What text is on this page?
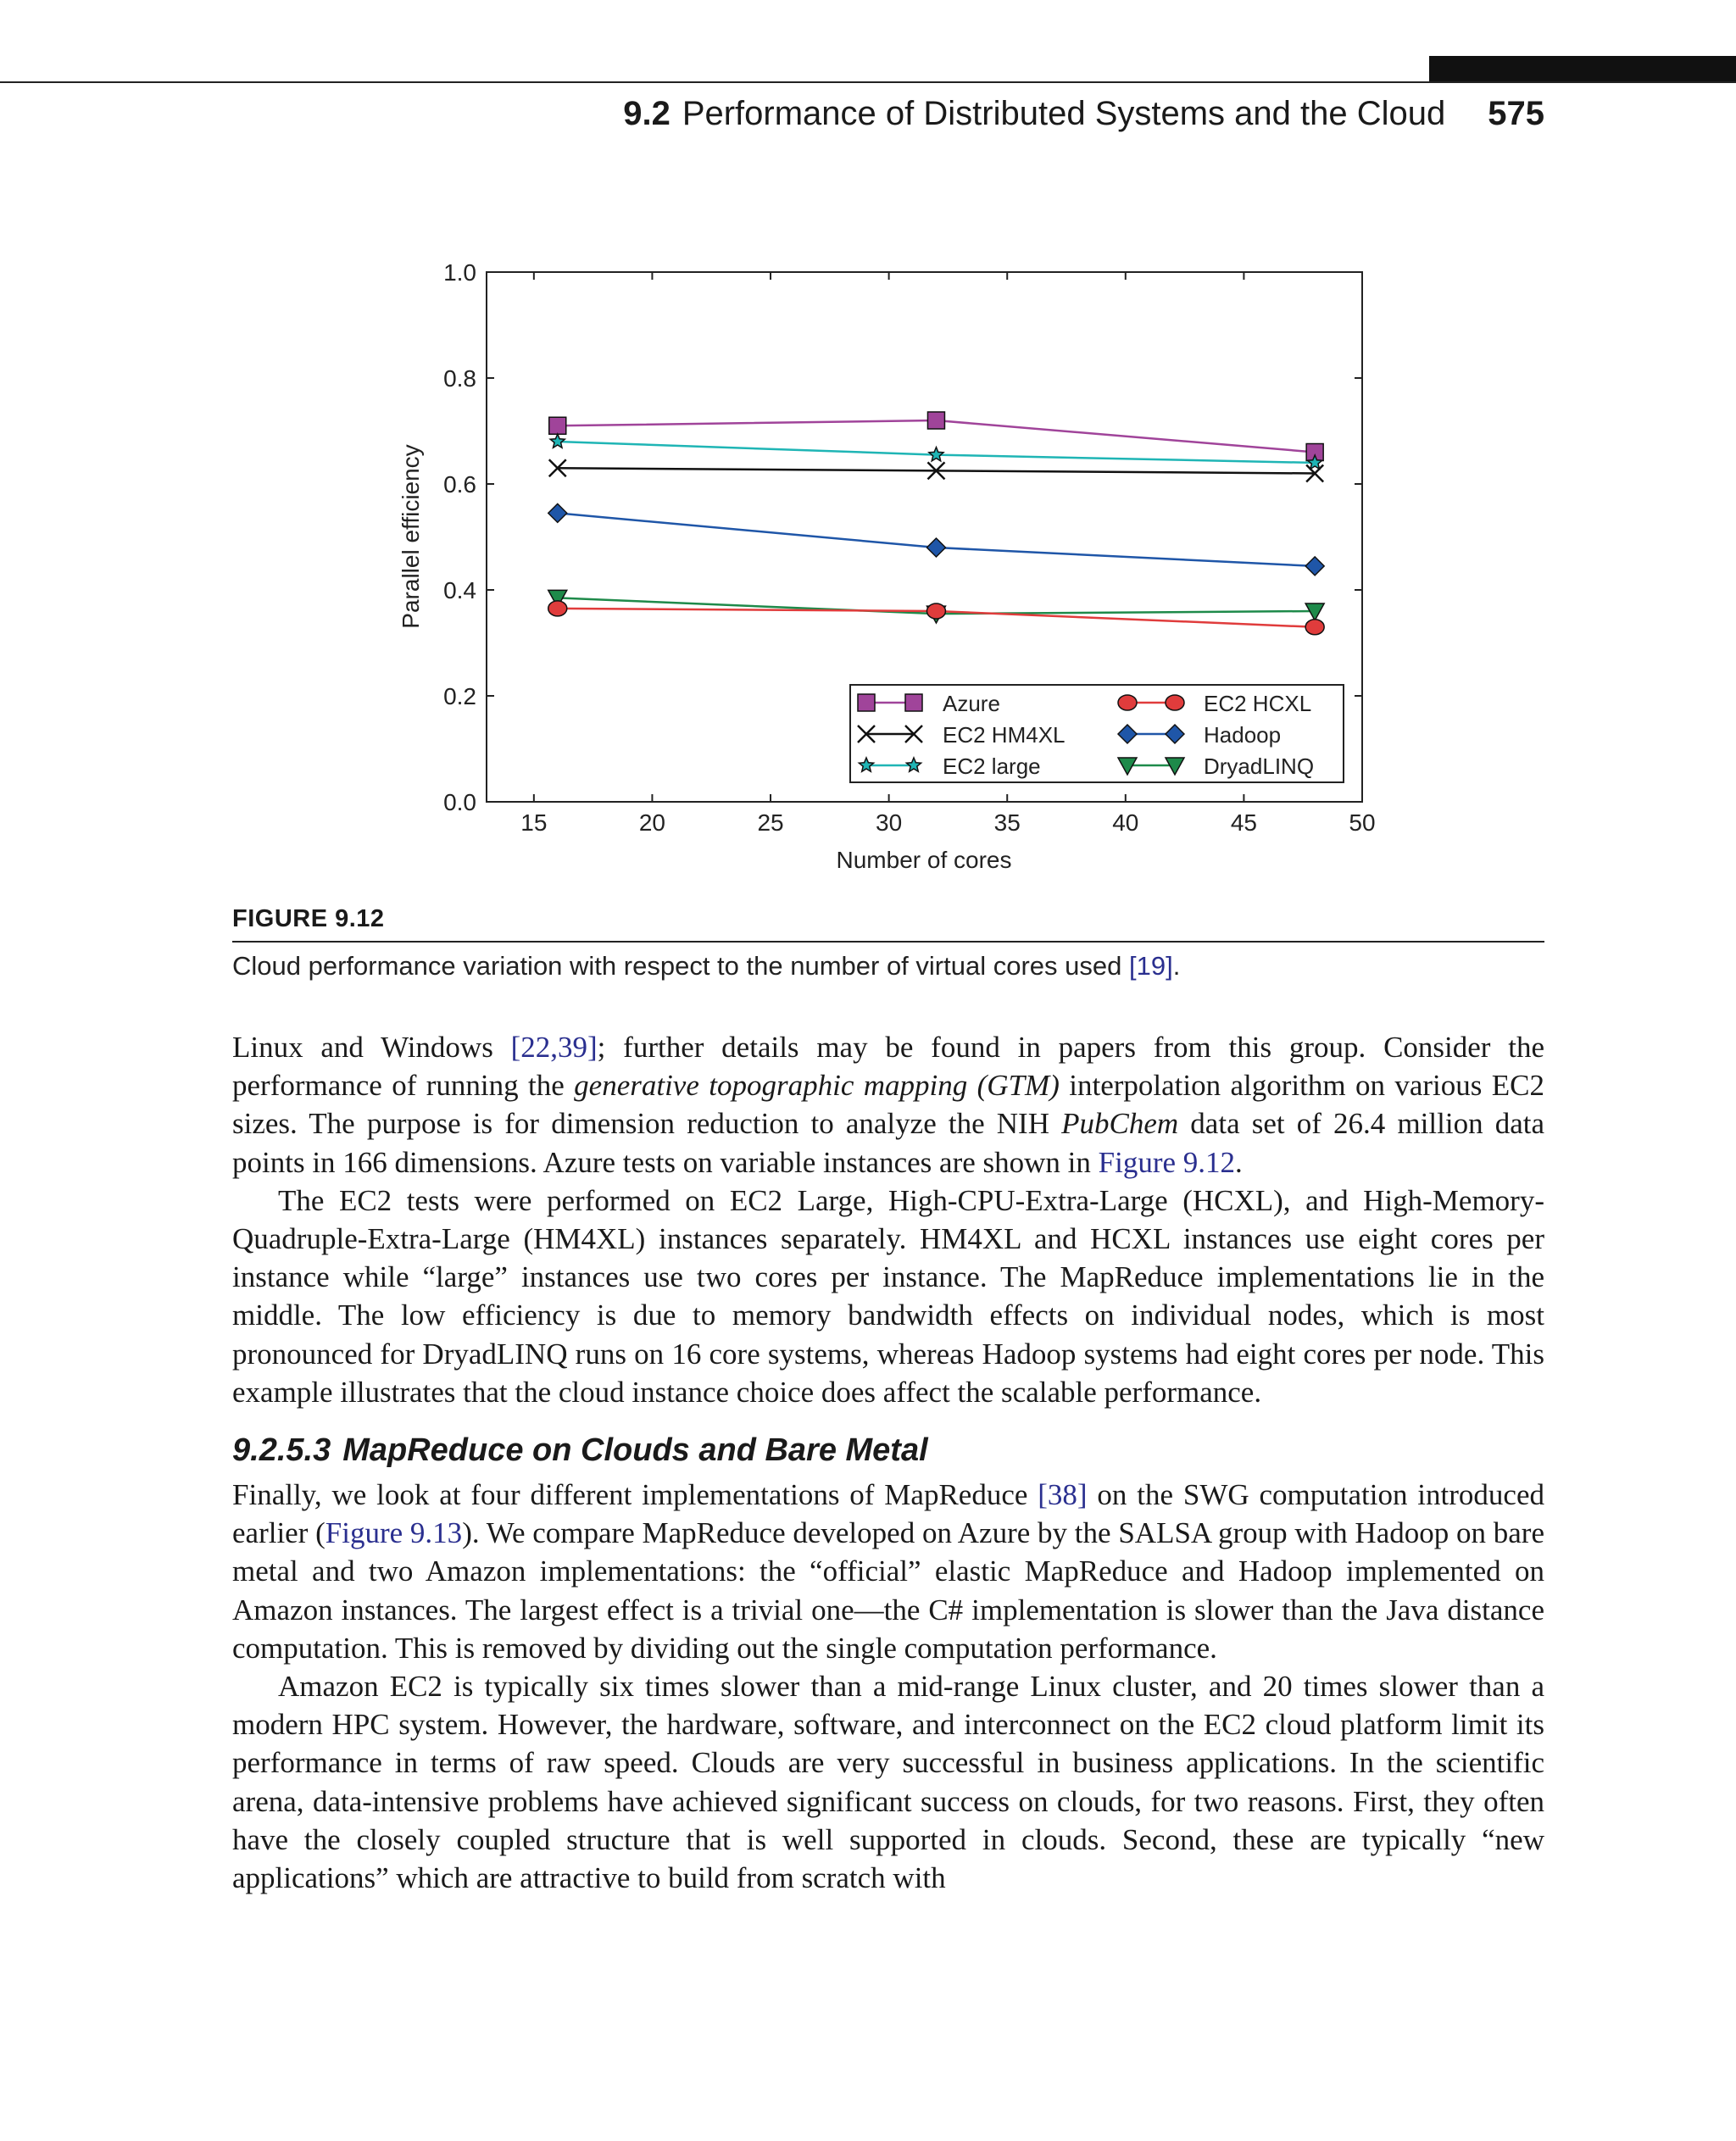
9.2 Performance of Distributed Systems and the Cloud 575
15	20	25	30	35	40	45	50
0.0
0.2
0.4
0.6
0.8
1.0
Number of cores
Parallel efficiency
Azure
EC2 HM4XL
EC2 large
EC2 HCXL
Hadoop
DryadLINQ
FIGURE 9.12
Cloud performance variation with respect to the number of virtual cores used [19].

Linux and Windows [22,39]; further details may be found in papers from this group. Consider the performance of running the generative topographic mapping (GTM) interpolation algorithm on various EC2 sizes. The purpose is for dimension reduction to analyze the NIH PubChem data set of 26.4 million data points in 166 dimensions. Azure tests on variable instances are shown in Figure 9.12.

The EC2 tests were performed on EC2 Large, High-CPU-Extra-Large (HCXL), and High-Memory-Quadruple-Extra-Large (HM4XL) instances separately. HM4XL and HCXL instances use eight cores per instance while “large” instances use two cores per instance. The MapReduce implementations lie in the middle. The low efficiency is due to memory bandwidth effects on individual nodes, which is most pronounced for DryadLINQ runs on 16 core systems, whereas Hadoop systems had eight cores per node. This example illustrates that the cloud instance choice does affect the scalable performance.

9.2.5.3 MapReduce on Clouds and Bare Metal

Finally, we look at four different implementations of MapReduce [38] on the SWG computation introduced earlier (Figure 9.13). We compare MapReduce developed on Azure by the SALSA group with Hadoop on bare metal and two Amazon implementations: the “official” elastic MapReduce and Hadoop implemented on Amazon instances. The largest effect is a trivial one—the C# implementation is slower than the Java distance computation. This is removed by dividing out the single computation performance.

Amazon EC2 is typically six times slower than a mid-range Linux cluster, and 20 times slower than a modern HPC system. However, the hardware, software, and interconnect on the EC2 cloud platform limit its performance in terms of raw speed. Clouds are very successful in business applications. In the scientific arena, data-intensive problems have achieved significant success on clouds, for two reasons. First, they often have the closely coupled structure that is well supported in clouds. Second, these are typically “new applications” which are attractive to build from scratch with
